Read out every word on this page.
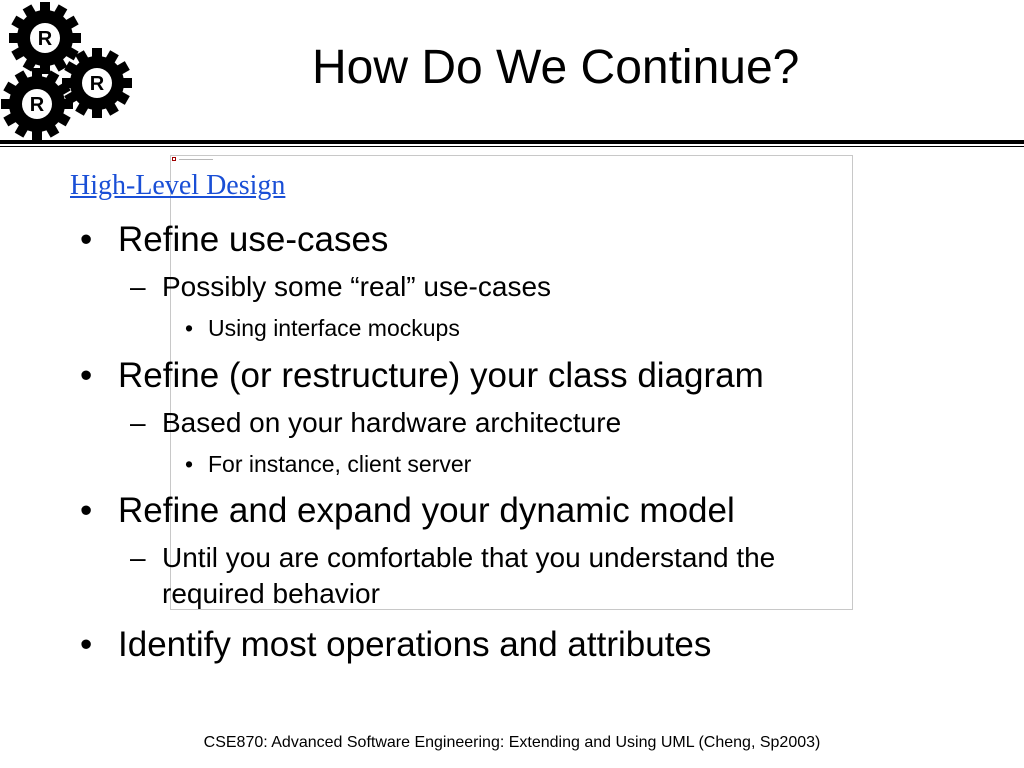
R
R
R
How Do We Continue?
High-Level Design
• Refine use-cases
– Possibly some “real” use-cases
• Using interface mockups
• Refine (or restructure) your class diagram
– Based on your hardware architecture
• For instance, client server
• Refine and expand your dynamic model
– Until you are comfortable that you understand the
required behavior
• Identify most operations and attributes
CSE870: Advanced Software Engineering: Extending and Using UML (Cheng, Sp2003)
